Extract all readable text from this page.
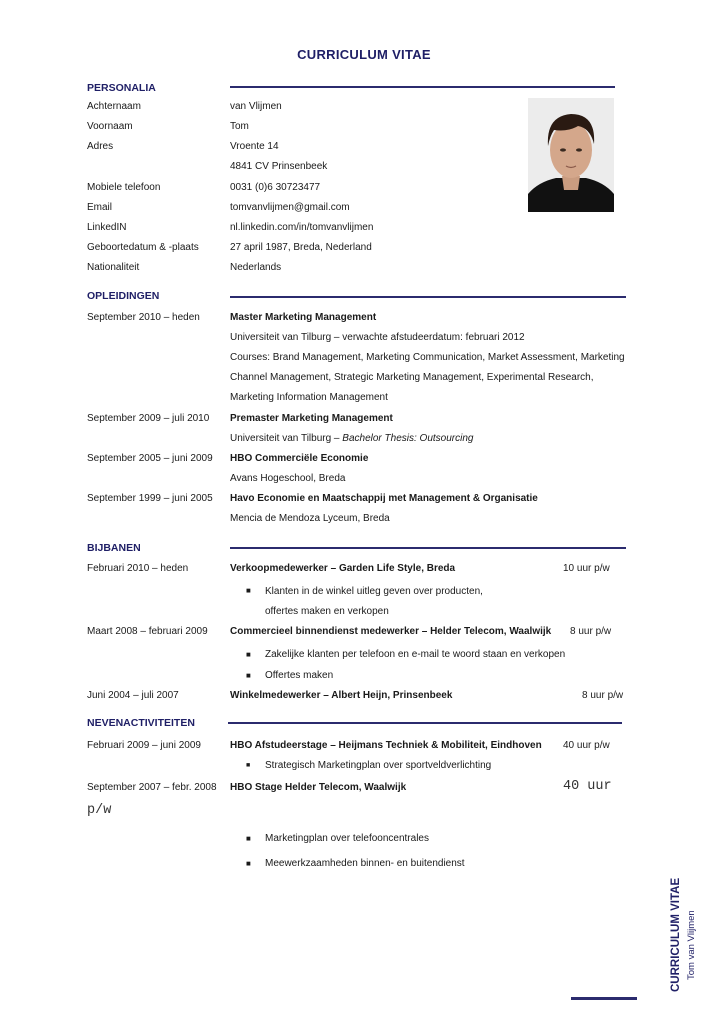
CURRICULUM VITAE
PERSONALIA
Achternaam	van Vlijmen
Voornaam	Tom
Adres	Vroente 14
4841 CV Prinsenbeek
Mobiele telefoon	0031 (0)6 30723477
Email	tomvanvlijmen@gmail.com
LinkedIN	nl.linkedin.com/in/tomvanvlijmen
Geboortedatum & -plaats	27 april 1987, Breda, Nederland
Nationaliteit	Nederlands
OPLEIDINGEN
September 2010 – heden	Master Marketing Management
Universiteit van Tilburg – verwachte afstudeerdatum: februari 2012
Courses: Brand Management, Marketing Communication, Market Assessment, Marketing
Channel Management, Strategic Marketing Management, Experimental Research,
Marketing Information Management
September 2009 – juli 2010 Premaster Marketing Management
Universiteit van Tilburg – Bachelor Thesis: Outsourcing
September 2005 – juni 2009 HBO Commerciële Economie
Avans Hogeschool, Breda
September 1999 – juni 2005 Havo Economie en Maatschappij met Management & Organisatie
Mencia de Mendoza Lyceum, Breda
BIJBANEN
Februari 2010 – heden	Verkoopmedewerker – Garden Life Style, Breda	10 uur p/w
■ Klanten in de winkel uitleg geven over producten,
offertes maken en verkopen
Maart 2008 – februari 2009 Commercieel binnendienst medewerker – Helder Telecom, Waalwijk 8 uur p/w
■ Zakelijke klanten per telefoon en e-mail te woord staan en verkopen
■ Offertes maken
Juni 2004 – juli 2007	Winkelmedewerker – Albert Heijn, Prinsenbeek	8 uur p/w
NEVENACTIVITEITEN
Februari 2009 – juni 2009	HBO Afstudeerstage – Heijmans Techniek & Mobiliteit, Eindhoven 40 uur p/w
■ Strategisch Marketingplan over sportveldverlichting
September 2007 – febr. 2008 HBO Stage Helder Telecom, Waalwijk	40 uur
p/w
■ Marketingplan over telefooncentrales
■ Meewerkzaamheden binnen- en buitendienst
CURRICULUM VITAE Tom van Vlijmen
